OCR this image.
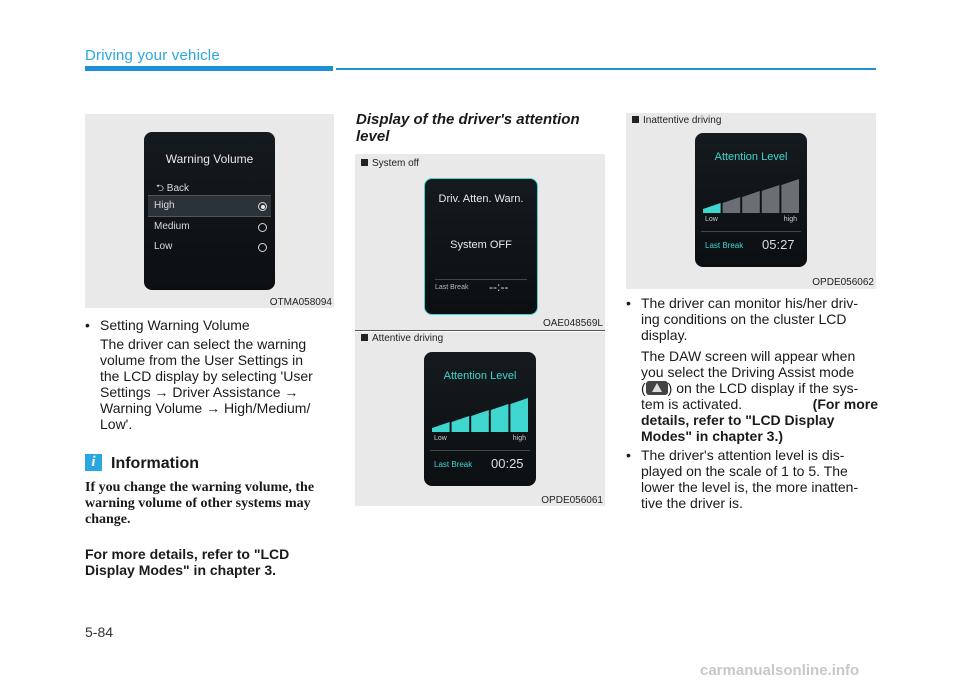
Driving your vehicle
Warning Volume
⮌ Back
High
Medium
Low
OTMA058094
• Setting Warning Volume
The driver can select the warning
volume from the User Settings in
the LCD display by selecting 'User
Settings → Driver Assistance →
Warning Volume → High/Medium/
Low'.
i Information
If you change the warning volume, the
warning volume of other systems may
change.
For more details, refer to "LCD
Display Modes" in chapter 3.
Display of the driver's attention
level
System off
Driv. Atten. Warn.
System OFF
Last Break --:--
OAE048569L
Attentive driving
Attention Level
Low	high
Last Break 00:25
OPDE056061
Inattentive driving
Attention Level
Low	high
Last Break 05:27
OPDE056062
• The driver can monitor his/her driv-
ing conditions on the cluster LCD
display.
The DAW screen will appear when
you select the Driving Assist mode
( ) on the LCD display if the sys-
tem is activated.	(For more
details, refer to "LCD Display
Modes" in chapter 3.)
• The driver's attention level is dis-
played on the scale of 1 to 5. The
lower the level is, the more inatten-
tive the driver is.
5-84
carmanualsonline.info
